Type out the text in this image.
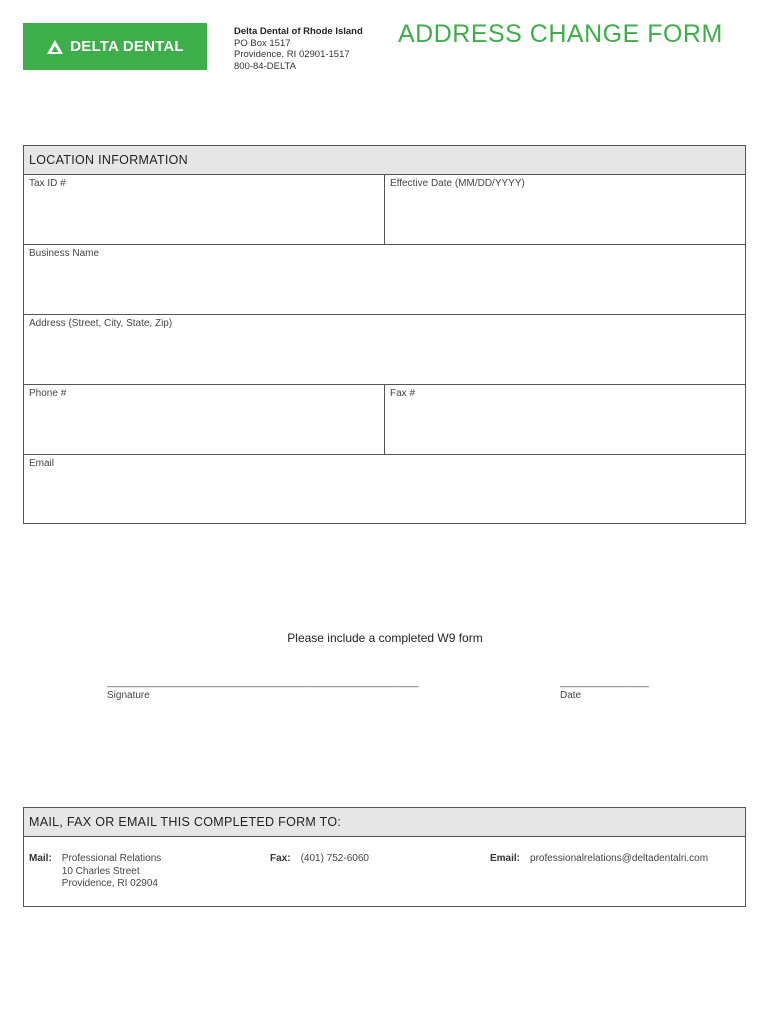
DELTA DENTAL
Delta Dental of Rhode Island
PO Box 1517
Providence, RI 02901-1517
800-84-DELTA
ADDRESS CHANGE FORM
LOCATION INFORMATION
Tax ID #	Effective Date (MM/DD/YYYY)
Business Name
Address (Street, City, State, Zip)
Phone #	Fax #
Email
Please include a completed W9 form
________________________________________________________
Signature
________________
Date
MAIL, FAX OR EMAIL THIS COMPLETED FORM TO:
Mail: Professional Relations
10 Charles Street
Providence, RI 02904
Fax: (401) 752-6060	Email: professionalrelations@deltadentalri.com
